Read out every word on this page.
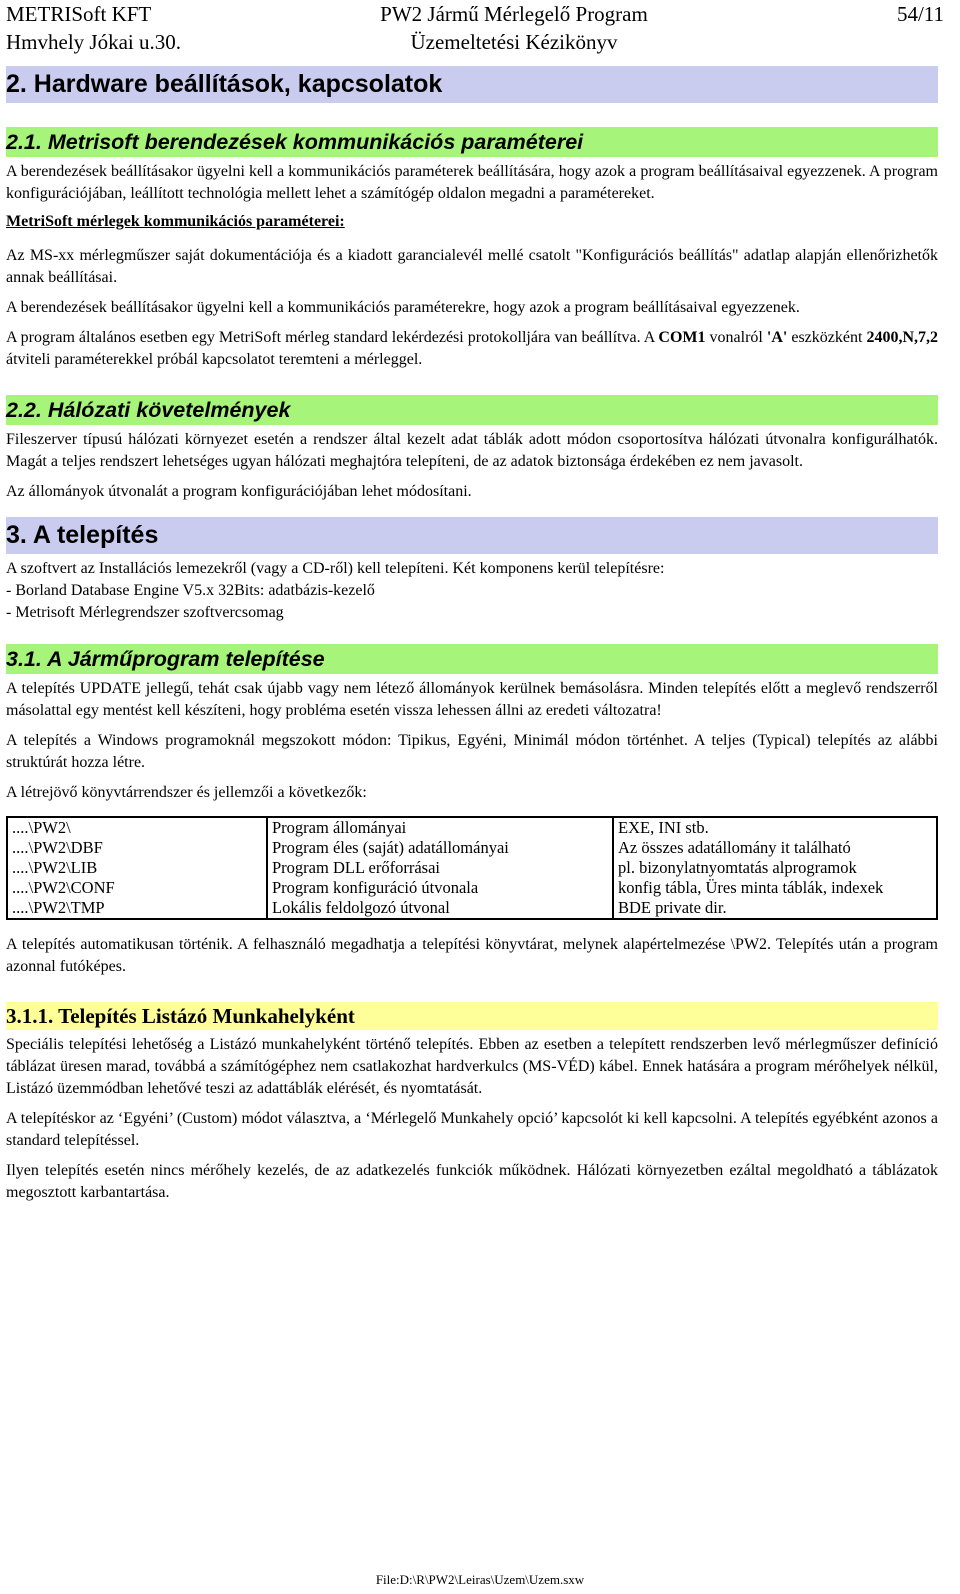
METRISoft KFT
Hmvhely Jókai u.30.
PW2 Jármű Mérlegelő Program
Üzemeltetési Kézikönyv
54/11
2. Hardware beállítások, kapcsolatok
2.1. Metrisoft berendezések kommunikációs paraméterei

A berendezések beállításakor ügyelni kell a kommunikációs paraméterek beállítására, hogy azok a program beállításaival egyezzenek. A program konfigurációjában, leállított technológia mellett lehet a számítógép oldalon megadni a paramétereket.

MetriSoft mérlegek kommunikációs paraméterei:

Az MS-xx mérlegműszer saját dokumentációja és a kiadott garancialevél mellé csatolt "Konfigurációs beállítás" adatlap alapján ellenőrizhetők annak beállításai.

A berendezések beállításakor ügyelni kell a kommunikációs paraméterekre, hogy azok a program beállításaival egyezzenek.

A program általános esetben egy MetriSoft mérleg standard lekérdezési protokolljára van beállítva. A COM1 vonalról 'A' eszközként 2400,N,7,2 átviteli paraméterekkel próbál kapcsolatot teremteni a mérleggel.

2.2. Hálózati követelmények

Fileszerver típusú hálózati környezet esetén a rendszer által kezelt adat táblák adott módon csoportosítva hálózati útvonalra konfigurálhatók. Magát a teljes rendszert lehetséges ugyan hálózati meghajtóra telepíteni, de az adatok biztonsága érdekében ez nem javasolt.

Az állományok útvonalát a program konfigurációjában lehet módosítani.

3. A telepítés

A szoftvert az Installációs lemezekről (vagy a CD-ről) kell telepíteni. Két komponens kerül telepítésre:

- Borland Database Engine V5.x 32Bits: adatbázis-kezelő

- Metrisoft Mérlegrendszer szoftvercsomag

3.1. A Járműprogram telepítése

A telepítés UPDATE jellegű, tehát csak újabb vagy nem létező állományok kerülnek bemásolásra. Minden telepítés előtt a meglevő rendszerről másolattal egy mentést kell készíteni, hogy probléma esetén vissza lehessen állni az eredeti változatra!

A telepítés a Windows programoknál megszokott módon: Tipikus, Egyéni, Minimál módon történhet. A teljes (Typical) telepítés az alábbi struktúrát hozza létre.

A létrejövő könyvtárrendszer és jellemzői a következők:

....\PW2\	Program állományai	EXE, INI stb.
....\PW2\DBF	Program éles (saját) adatállományai	Az összes adatállomány it található
....\PW2\LIB	Program DLL erőforrásai	pl. bizonylatnyomtatás alprogramok
....\PW2\CONF	Program konfiguráció útvonala	konfig tábla, Üres minta táblák, indexek
....\PW2\TMP	Lokális feldolgozó útvonal	BDE private dir.

A telepítés automatikusan történik. A felhasználó megadhatja a telepítési könyvtárat, melynek alapértelmezése \PW2. Telepítés után a program azonnal futóképes.

3.1.1. Telepítés Listázó Munkahelyként

Speciális telepítési lehetőség a Listázó munkahelyként történő telepítés. Ebben az esetben a telepített rendszerben levő mérlegműszer definíció táblázat üresen marad, továbbá a számítógéphez nem csatlakozhat hardverkulcs (MS-VÉD) kábel. Ennek hatására a program mérőhelyek nélkül, Listázó üzemmódban lehetővé teszi az adattáblák elérését, és nyomtatását.

A telepítéskor az ‘Egyéni’ (Custom) módot választva, a ‘Mérlegelő Munkahely opció’ kapcsolót ki kell kapcsolni. A telepítés egyébként azonos a standard telepítéssel.

Ilyen telepítés esetén nincs mérőhely kezelés, de az adatkezelés funkciók működnek. Hálózati környezetben ezáltal megoldható a táblázatok megosztott karbantartása.

File:D:\R\PW2\Leiras\Uzem\Uzem.sxw
